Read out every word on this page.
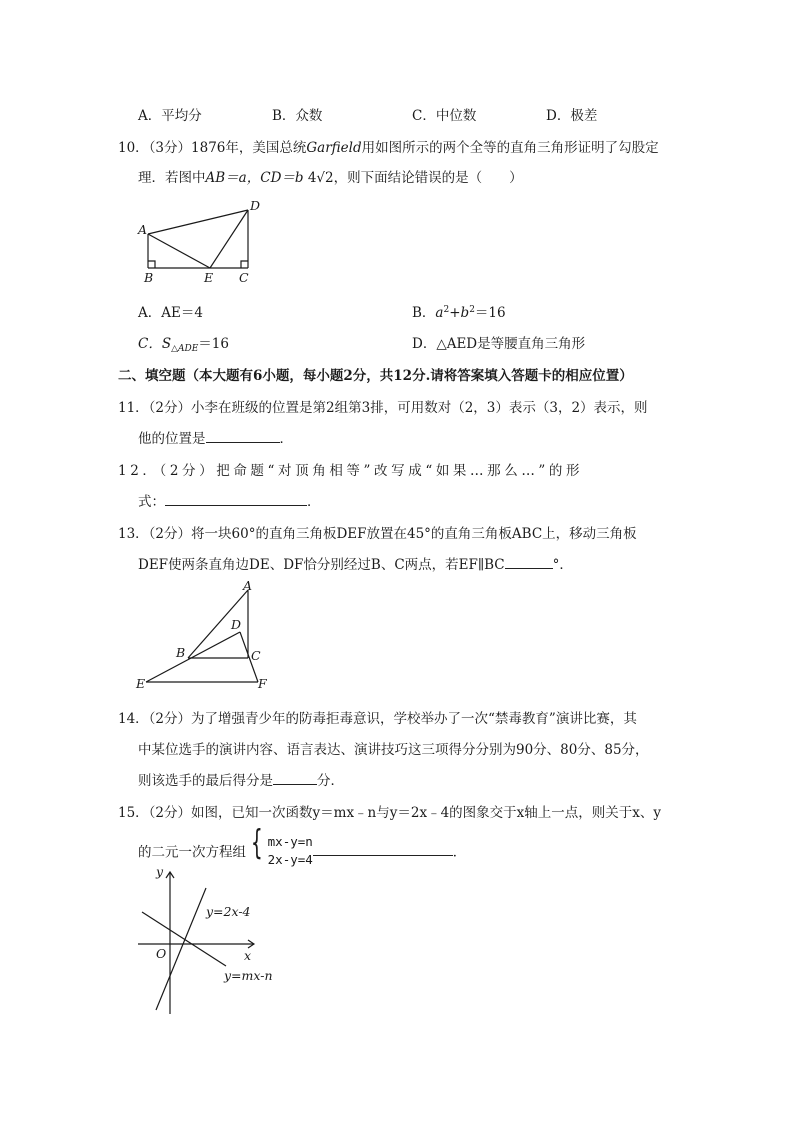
A．平均分	B．众数	C．中位数	D．极差
10．（3分）1876年，美国总统Garfield用如图所示的两个全等的直角三角形证明了勾股定
理．若图中AB＝a，CD＝b 4√2，则下面结论错误的是（　　）
A
B	E C
D
A．AE＝4	B．$a^2+b^2=16$
C．$S_{\triangle ADE}=16$	D．△AED是等腰直角三角形
二、填空题（本大题有6小题，每小题2分，共12分.请将答案填入答题卡的相应位置）
11．（2分）小李在班级的位置是第2组第3排，可用数对（2，3）表示（3，2）表示，则
他的位置是	．
12．（2分）把命题“对顶角相等”改写成“如果…那么…”的形
式：	．
13．（2分）将一块60°的直角三角板DEF放置在45°的直角三角板ABC上，移动三角板
DEF使两条直角边DE、DF恰分别经过B、C两点，若EF∥BC	°．
A
D
B	C
E	F
14．（2分）为了增强青少年的防毒拒毒意识，学校举办了一次“禁毒教育”演讲比赛，其
中某位选手的演讲内容、语言表达、演讲技巧这三项得分分别为90分、80分、85分，
则该选手的最后得分是	分．
15．（2分）如图，已知一次函数y＝mx﹣n与y＝2x﹣4的图象交于x轴上一点，则关于x、y
的二元一次方程组 { mx-y=n
2x-y=4	．
y
x
O
y=2x-4
y=mx-n
